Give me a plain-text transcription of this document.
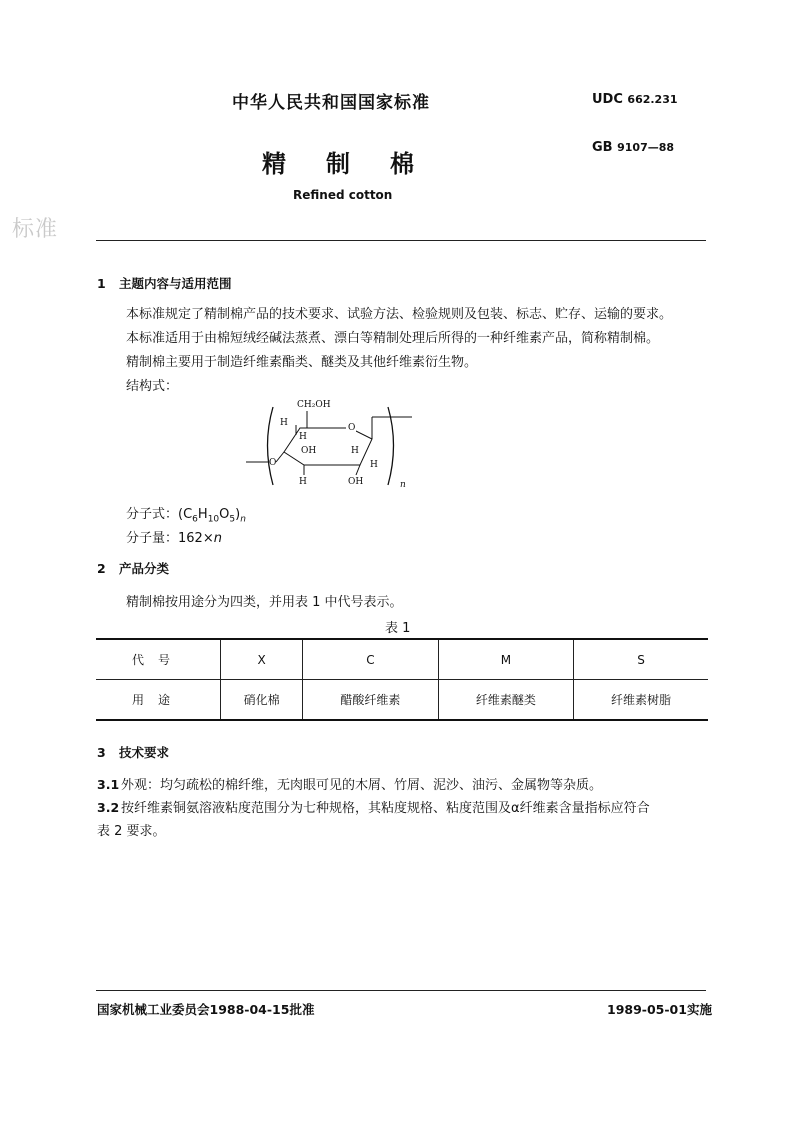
标准
中华人民共和国国家标准	UDC 662.231
GB 9107—88
精制棉
Refined cotton
1 主题内容与适用范围
本标准规定了精制棉产品的技术要求、试验方法、检验规则及包装、标志、贮存、运输的要求。
本标准适用于由棉短绒经碱法蒸煮、漂白等精制处理后所得的一种纤维素产品，简称精制棉。
精制棉主要用于制造纤维素酯类、醚类及其他纤维素衍生物。
结构式：
O
O
CH₂OH
H
H
OH
H
H
OH
H
n
分子式：$(C_6H_{10}O_5)_n$
分子量：162×n
2 产品分类
精制棉按用途分为四类，并用表 1 中代号表示。
表 1
代号	X	C	M	S
用途	硝化棉	醋酸纤维素	纤维素醚类	纤维素树脂
3 技术要求
3.1 外观：均匀疏松的棉纤维，无肉眼可见的木屑、竹屑、泥沙、油污、金属物等杂质。
3.2 按纤维素铜氨溶液粘度范围分为七种规格，其粘度规格、粘度范围及α纤维素含量指标应符合
表 2 要求。
国家机械工业委员会1988-04-15批准	1989-05-01实施
